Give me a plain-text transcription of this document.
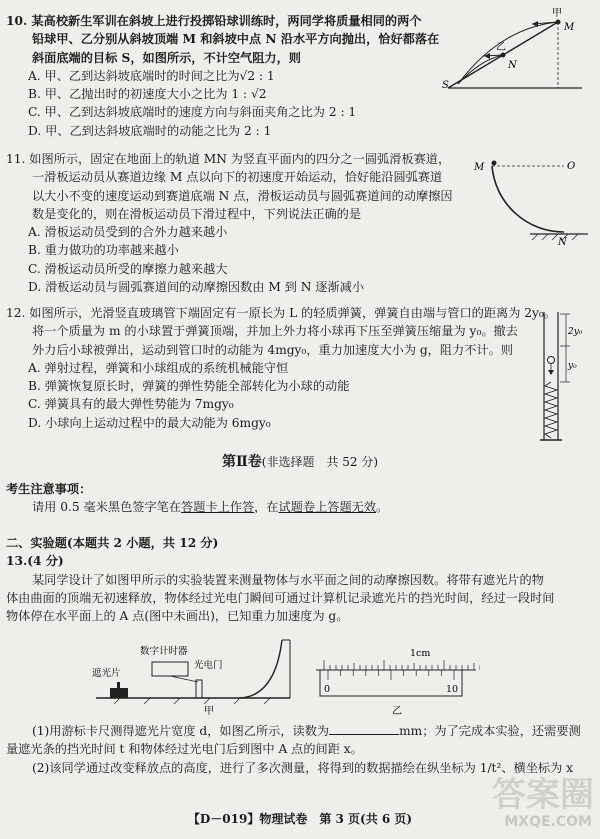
10. 某高校新生军训在斜坡上进行投掷铅球训练时，两同学将质量相同的两个
铅球甲、乙分别从斜坡顶端 M 和斜坡中点 N 沿水平方向抛出，恰好都落在
斜面底端的目标 S，如图所示，不计空气阻力，则
A. 甲、乙到达斜坡底端时的时间之比为√2 : 1
B. 甲、乙抛出时的初速度大小之比为 1 : √2
C. 甲、乙到达斜坡底端时的速度方向与斜面夹角之比为 2 : 1
D. 甲、乙到达斜坡底端时的动能之比为 2 : 1
甲
M
乙
N
S
11. 如图所示，固定在地面上的轨道 MN 为竖直平面内的四分之一圆弧滑板赛道，
一滑板运动员从赛道边缘 M 点以向下的初速度开始运动，恰好能沿圆弧赛道
以大小不变的速度运动到赛道底端 N 点，滑板运动员与圆弧赛道间的动摩擦因
数是变化的，则在滑板运动员下滑过程中，下列说法正确的是
A. 滑板运动员受到的合外力越来越小
B. 重力做功的功率越来越小
C. 滑板运动员所受的摩擦力越来越大
D. 滑板运动员与圆弧赛道间的动摩擦因数由 M 到 N 逐渐减小
M	O
N
12. 如图所示，光滑竖直玻璃管下端固定有一原长为 L 的轻质弹簧，弹簧自由端与管口的距离为 2y₀。
将一个质量为 m 的小球置于弹簧顶端，并加上外力将小球再下压至弹簧压缩量为 y₀。撤去
外力后小球被弹出，运动到管口时的动能为 4mgy₀，重力加速度大小为 g，阻力不计。则
A. 弹射过程，弹簧和小球组成的系统机械能守恒
B. 弹簧恢复原长时，弹簧的弹性势能全部转化为小球的动能
C. 弹簧具有的最大弹性势能为 7mgy₀
D. 小球向上运动过程中的最大动能为 6mgy₀
2y₀
y₀
第Ⅱ卷(非选择题　共 52 分)
考生注意事项：
请用 0.5 毫米黑色签字笔在答题卡上作答，在试题卷上答题无效。
二、实验题(本题共 2 小题，共 12 分)
13.(4 分)
某同学设计了如图甲所示的实验装置来测量物体与水平面之间的动摩擦因数。将带有遮光片的物
体由曲面的顶端无初速释放，物体经过光电门瞬间可通过计算机记录遮光片的挡光时间，经过一段时间
物体停在水平面上的 A 点(图中未画出)，已知重力加速度为 g。
遮光片
数字计时器
光电门
甲
1cm
0	10
乙
(1)用游标卡尺测得遮光片宽度 d，如图乙所示，读数为	mm；为了完成本实验，还需要测
量遮光条的挡光时间 t 和物体经过光电门后到图中 A 点的间距 x。
(2)该同学通过改变释放点的高度，进行了多次测量，将得到的数据描绘在纵坐标为 1/t²、横坐标为 x
答案圈
MXQE.COM
【D－019】物理试卷　第 3 页(共 6 页)
